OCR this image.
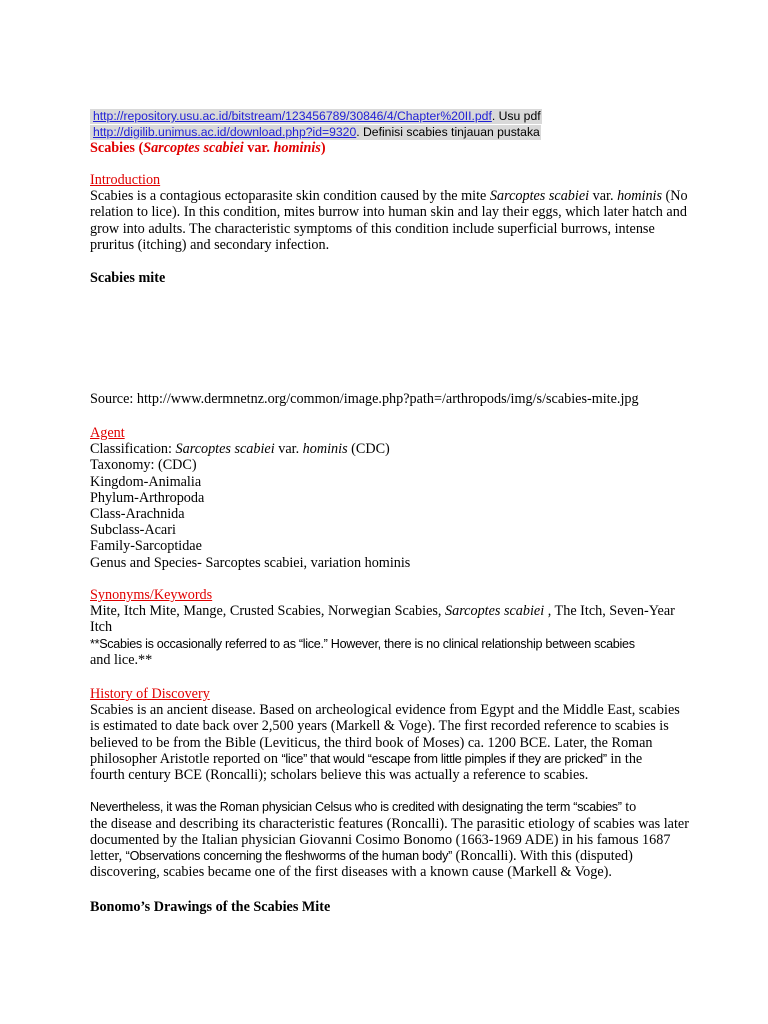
http://repository.usu.ac.id/bitstream/123456789/30846/4/Chapter%20II.pdf. Usu pdf
http://digilib.unimus.ac.id/download.php?id=9320. Definisi scabies tinjauan pustaka
Scabies (Sarcoptes scabiei var. hominis)

Introduction

Scabies is a contagious ectoparasite skin condition caused by the mite Sarcoptes scabiei var. hominis (No

relation to lice). In this condition, mites burrow into human skin and lay their eggs, which later hatch and

grow into adults. The characteristic symptoms of this condition include superficial burrows, intense

pruritus (itching) and secondary infection.

Scabies mite
Source: http://www.dermnetnz.org/common/image.php?path=/arthropods/img/s/scabies-mite.jpg

Agent

Classification: Sarcoptes scabiei var. hominis (CDC)

Taxonomy: (CDC)

Kingdom-Animalia

Phylum-Arthropoda

Class-Arachnida

Subclass-Acari

Family-Sarcoptidae

Genus and Species- Sarcoptes scabiei, variation hominis

Synonyms/Keywords

Mite, Itch Mite, Mange, Crusted Scabies, Norwegian Scabies, Sarcoptes scabiei , The Itch, Seven-Year

Itch

**Scabies is occasionally referred to as “lice.” However, there is no clinical relationship between scabies

and lice.**

History of Discovery

Scabies is an ancient disease. Based on archeological evidence from Egypt and the Middle East, scabies

is estimated to date back over 2,500 years (Markell & Voge). The first recorded reference to scabies is

believed to be from the Bible (Leviticus, the third book of Moses) ca. 1200 BCE. Later, the Roman

philosopher Aristotle reported on “lice” that would “escape from little pimples if they are pricked” in the

fourth century BCE (Roncalli); scholars believe this was actually a reference to scabies.

Nevertheless, it was the Roman physician Celsus who is credited with designating the term “scabies” to

the disease and describing its characteristic features (Roncalli). The parasitic etiology of scabies was later

documented by the Italian physician Giovanni Cosimo Bonomo (1663-1969 ADE) in his famous 1687

letter, “Observations concerning the fleshworms of the human body” (Roncalli). With this (disputed)

discovering, scabies became one of the first diseases with a known cause (Markell & Voge).

Bonomo’s Drawings of the Scabies Mite
